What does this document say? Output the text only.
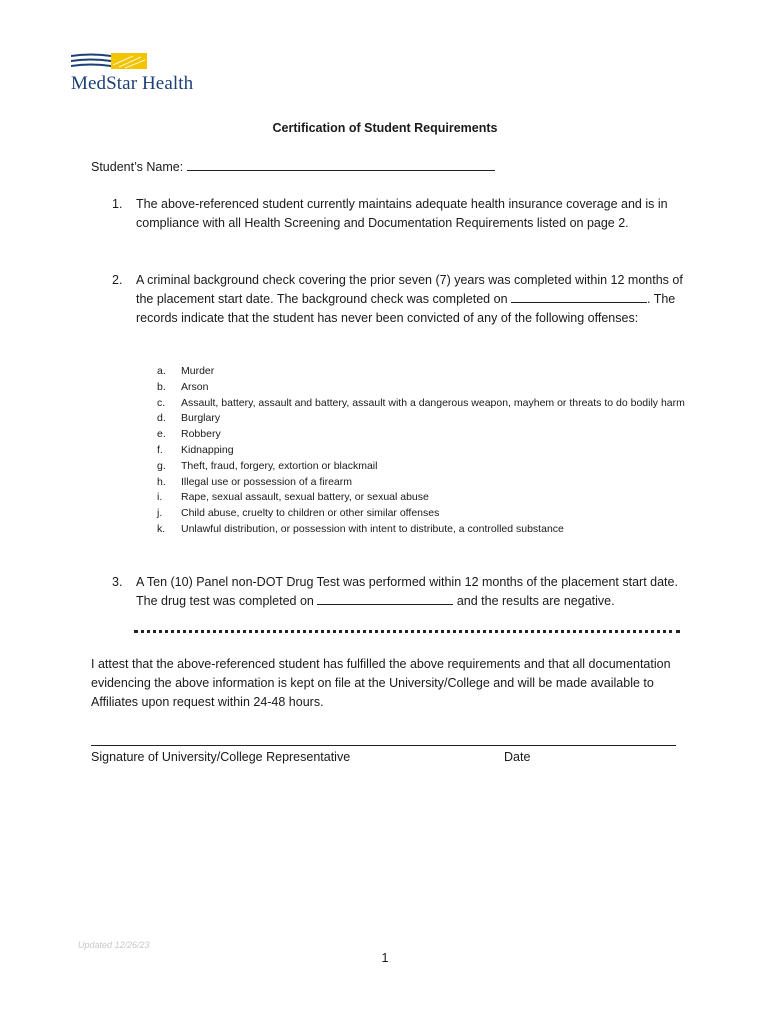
MedStar Health
Certification of Student Requirements
Student’s Name:
1. The above-referenced student currently maintains adequate health insurance coverage and is in compliance with all Health Screening and Documentation Requirements listed on page 2.
2. A criminal background check covering the prior seven (7) years was completed within 12 months of the placement start date. The background check was completed on	. The records indicate that the student has never been convicted of any of the following offenses:
a. Murder
b. Arson
c. Assault, battery, assault and battery, assault with a dangerous weapon, mayhem or threats to do bodily harm
d. Burglary
e. Robbery
f. Kidnapping
g. Theft, fraud, forgery, extortion or blackmail
h. Illegal use or possession of a firearm
i. Rape, sexual assault, sexual battery, or sexual abuse
j. Child abuse, cruelty to children or other similar offenses
k. Unlawful distribution, or possession with intent to distribute, a controlled substance
3. A Ten (10) Panel non-DOT Drug Test was performed within 12 months of the placement start date. The drug test was completed on	and the results are negative.
I attest that the above-referenced student has fulfilled the above requirements and that all documentation evidencing the above information is kept on file at the University/College and will be made available to Affiliates upon request within 24-48 hours.
Signature of University/College Representative	Date
Updated 12/26/23
1
